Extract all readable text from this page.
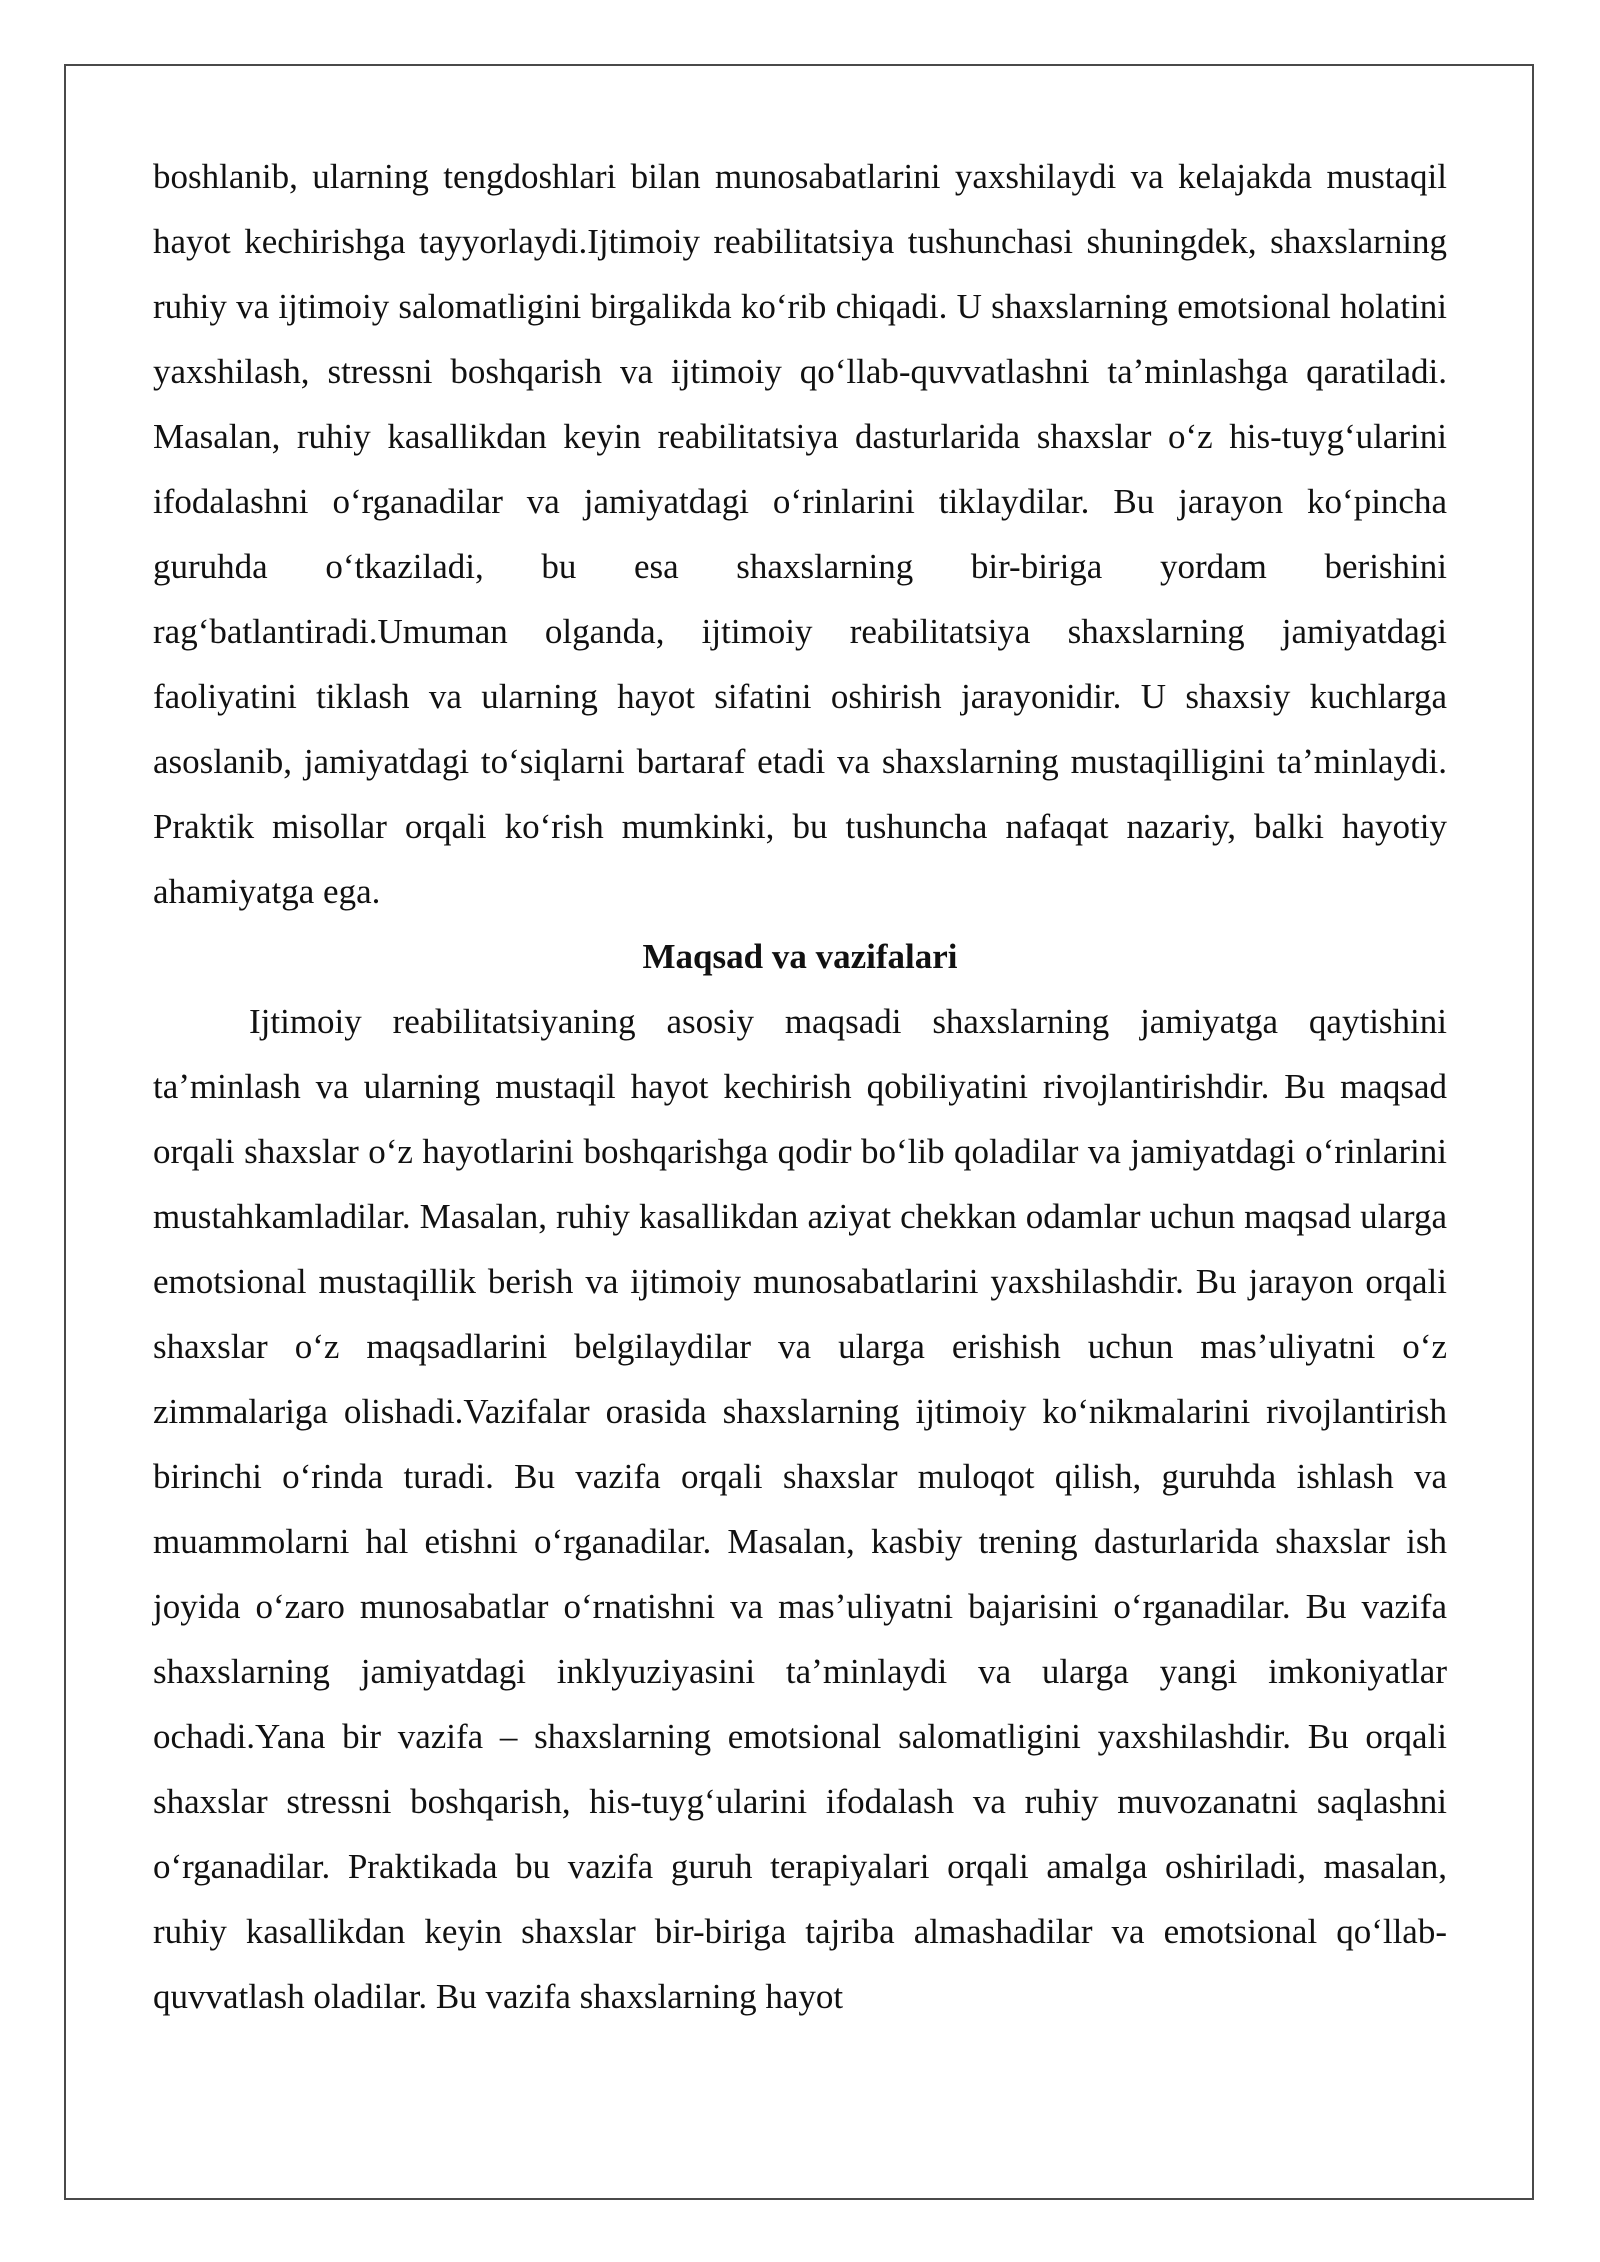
boshlanib, ularning tengdoshlari bilan munosabatlarini yaxshilaydi va kelajakda mustaqil hayot kechirishga tayyorlaydi.Ijtimoiy reabilitatsiya tushunchasi shuningdek, shaxslarning ruhiy va ijtimoiy salomatligini birgalikda koʻrib chiqadi. U shaxslarning emotsional holatini yaxshilash, stressni boshqarish va ijtimoiy qoʻllab-quvvatlashni taʼminlashga qaratiladi. Masalan, ruhiy kasallikdan keyin reabilitatsiya dasturlarida shaxslar oʻz his-tuygʻularini ifodalashni oʻrganadilar va jamiyatdagi oʻrinlarini tiklaydilar. Bu jarayon koʻpincha guruhda oʻtkaziladi, bu esa shaxslarning bir-biriga yordam berishini ragʻbatlantiradi.Umuman olganda, ijtimoiy reabilitatsiya shaxslarning jamiyatdagi faoliyatini tiklash va ularning hayot sifatini oshirish jarayonidir. U shaxsiy kuchlarga asoslanib, jamiyatdagi toʻsiqlarni bartaraf etadi va shaxslarning mustaqilligini taʼminlaydi. Praktik misollar orqali koʻrish mumkinki, bu tushuncha nafaqat nazariy, balki hayotiy ahamiyatga ega.

Maqsad va vazifalari

Ijtimoiy reabilitatsiyaning asosiy maqsadi shaxslarning jamiyatga qaytishini taʼminlash va ularning mustaqil hayot kechirish qobiliyatini rivojlantirishdir. Bu maqsad orqali shaxslar oʻz hayotlarini boshqarishga qodir boʻlib qoladilar va jamiyatdagi oʻrinlarini mustahkamladilar. Masalan, ruhiy kasallikdan aziyat chekkan odamlar uchun maqsad ularga emotsional mustaqillik berish va ijtimoiy munosabatlarini yaxshilashdir. Bu jarayon orqali shaxslar oʻz maqsadlarini belgilaydilar va ularga erishish uchun masʼuliyatni oʻz zimmalariga olishadi.Vazifalar orasida shaxslarning ijtimoiy koʻnikmalarini rivojlantirish birinchi oʻrinda turadi. Bu vazifa orqali shaxslar muloqot qilish, guruhda ishlash va muammolarni hal etishni oʻrganadilar. Masalan, kasbiy trening dasturlarida shaxslar ish joyida oʻzaro munosabatlar oʻrnatishni va masʼuliyatni bajarisini oʻrganadilar. Bu vazifa shaxslarning jamiyatdagi inklyuziyasini taʼminlaydi va ularga yangi imkoniyatlar ochadi.Yana bir vazifa – shaxslarning emotsional salomatligini yaxshilashdir. Bu orqali shaxslar stressni boshqarish, his-tuygʻularini ifodalash va ruhiy muvozanatni saqlashni oʻrganadilar. Praktikada bu vazifa guruh terapiyalari orqali amalga oshiriladi, masalan, ruhiy kasallikdan keyin shaxslar bir-biriga tajriba almashadilar va emotsional qoʻllab-quvvatlash oladilar. Bu vazifa shaxslarning hayot
